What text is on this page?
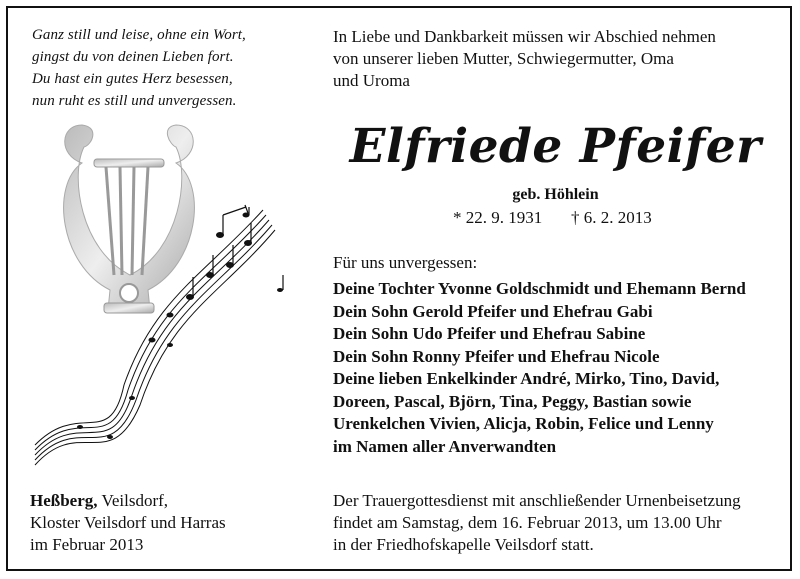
Ganz still und leise, ohne ein Wort,
gingst du von deinen Lieben fort.
Du hast ein gutes Herz besessen,
nun ruht es still und unvergessen.
In Liebe und Dankbarkeit müssen wir Abschied nehmen
von unserer lieben Mutter, Schwiegermutter, Oma
und Uroma
Elfriede Pfeifer
geb. Höhlein
* 22. 9. 1931 † 6. 2. 2013
Für uns unvergessen:
Deine Tochter Yvonne Goldschmidt und Ehemann Bernd
Dein Sohn Gerold Pfeifer und Ehefrau Gabi
Dein Sohn Udo Pfeifer und Ehefrau Sabine
Dein Sohn Ronny Pfeifer und Ehefrau Nicole
Deine lieben Enkelkinder André, Mirko, Tino, David,
Doreen, Pascal, Björn, Tina, Peggy, Bastian sowie
Urenkelchen Vivien, Alicja, Robin, Felice und Lenny
im Namen aller Anverwandten
Heßberg, Veilsdorf,
Kloster Veilsdorf und Harras
im Februar 2013
Der Trauergottesdienst mit anschließender Urnenbeisetzung
findet am Samstag, dem 16. Februar 2013, um 13.00 Uhr
in der Friedhofskapelle Veilsdorf statt.
